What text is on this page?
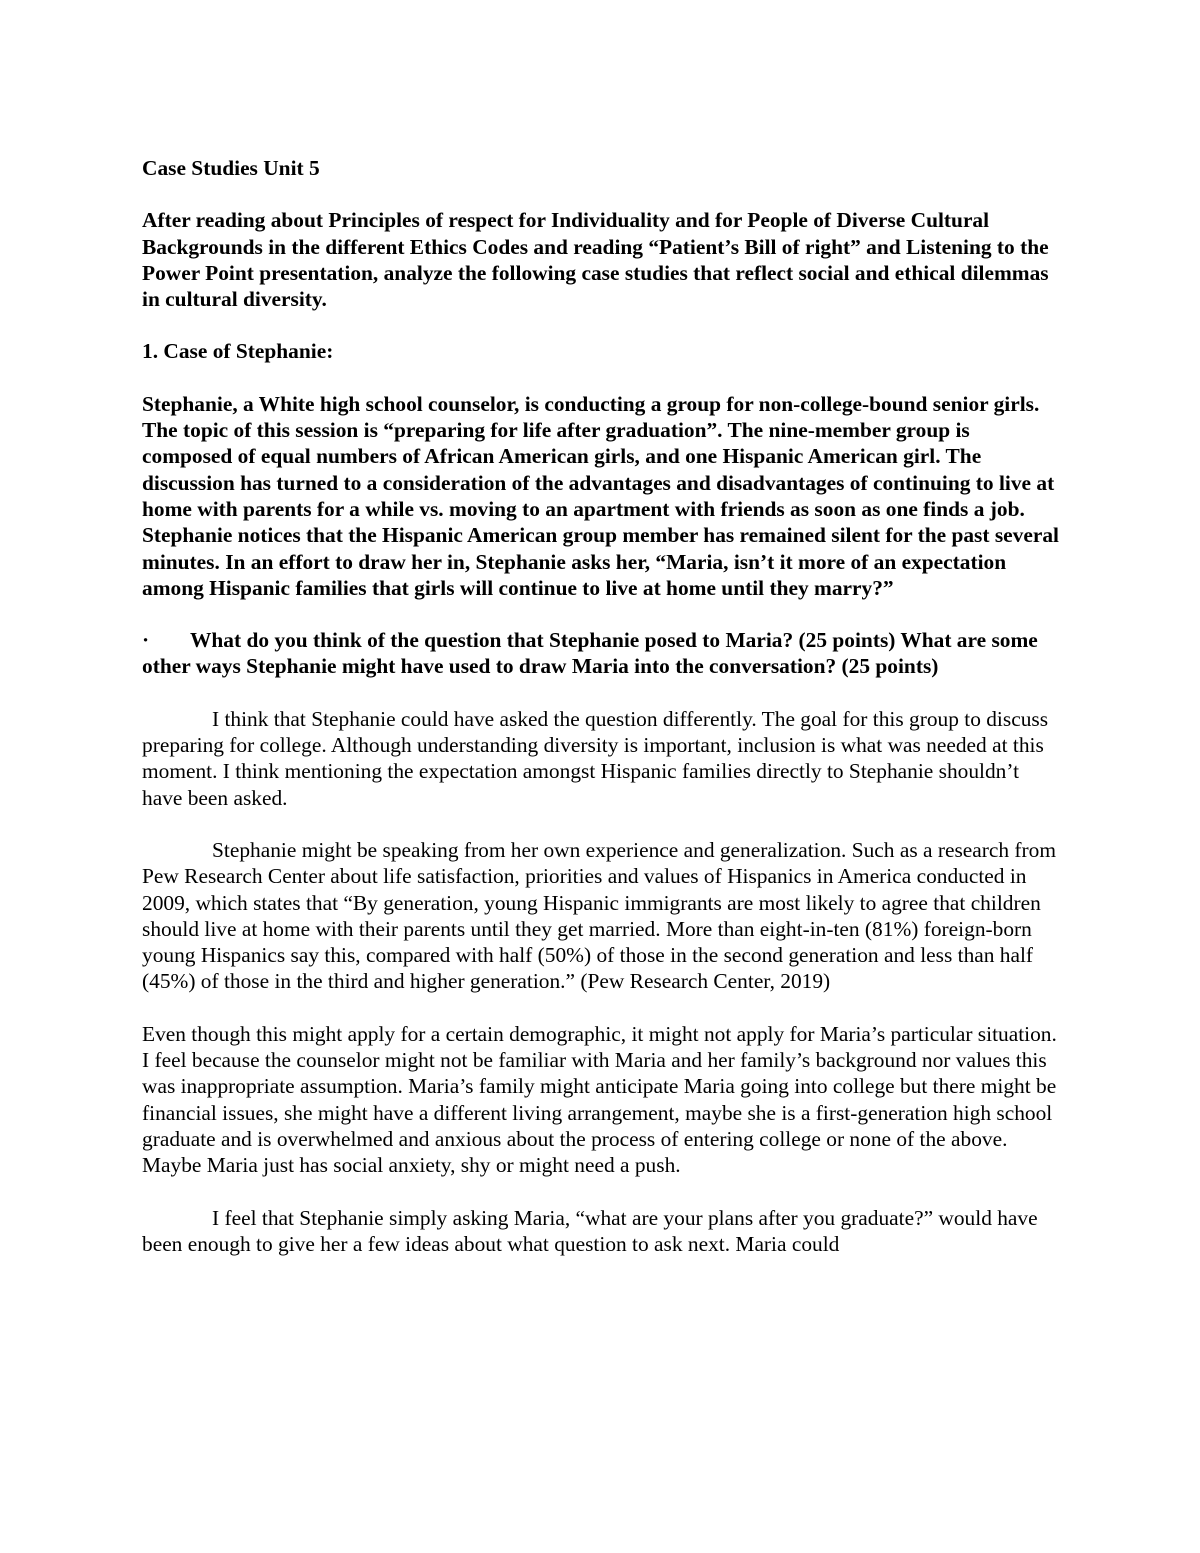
Case Studies Unit 5

After reading about Principles of respect for Individuality and for People of Diverse Cultural Backgrounds in the different Ethics Codes and reading “Patient’s Bill of right” and Listening to the Power Point presentation, analyze the following case studies that reflect social and ethical dilemmas in cultural diversity.

1. Case of Stephanie:

Stephanie, a White high school counselor, is conducting a group for non-college-bound senior girls. The topic of this session is “preparing for life after graduation”. The nine-member group is composed of equal numbers of African American girls, and one Hispanic American girl. The discussion has turned to a consideration of the advantages and disadvantages of continuing to live at home with parents for a while vs. moving to an apartment with friends as soon as one finds a job. Stephanie notices that the Hispanic American group member has remained silent for the past several minutes. In an effort to draw her in, Stephanie asks her, “Maria, isn’t it more of an expectation among Hispanic families that girls will continue to live at home until they marry?”

· What do you think of the question that Stephanie posed to Maria? (25 points) What are some other ways Stephanie might have used to draw Maria into the conversation? (25 points)

I think that Stephanie could have asked the question differently. The goal for this group to discuss preparing for college. Although understanding diversity is important, inclusion is what was needed at this moment. I think mentioning the expectation amongst Hispanic families directly to Stephanie shouldn’t have been asked.

Stephanie might be speaking from her own experience and generalization. Such as a research from Pew Research Center about life satisfaction, priorities and values of Hispanics in America conducted in 2009, which states that “By generation, young Hispanic immigrants are most likely to agree that children should live at home with their parents until they get married. More than eight-in-ten (81%) foreign-born young Hispanics say this, compared with half (50%) of those in the second generation and less than half (45%) of those in the third and higher generation.” (Pew Research Center, 2019)

Even though this might apply for a certain demographic, it might not apply for Maria’s particular situation. I feel because the counselor might not be familiar with Maria and her family’s background nor values this was inappropriate assumption. Maria’s family might anticipate Maria going into college but there might be financial issues, she might have a different living arrangement, maybe she is a first-generation high school graduate and is overwhelmed and anxious about the process of entering college or none of the above. Maybe Maria just has social anxiety, shy or might need a push.

I feel that Stephanie simply asking Maria, “what are your plans after you graduate?” would have been enough to give her a few ideas about what question to ask next. Maria could
